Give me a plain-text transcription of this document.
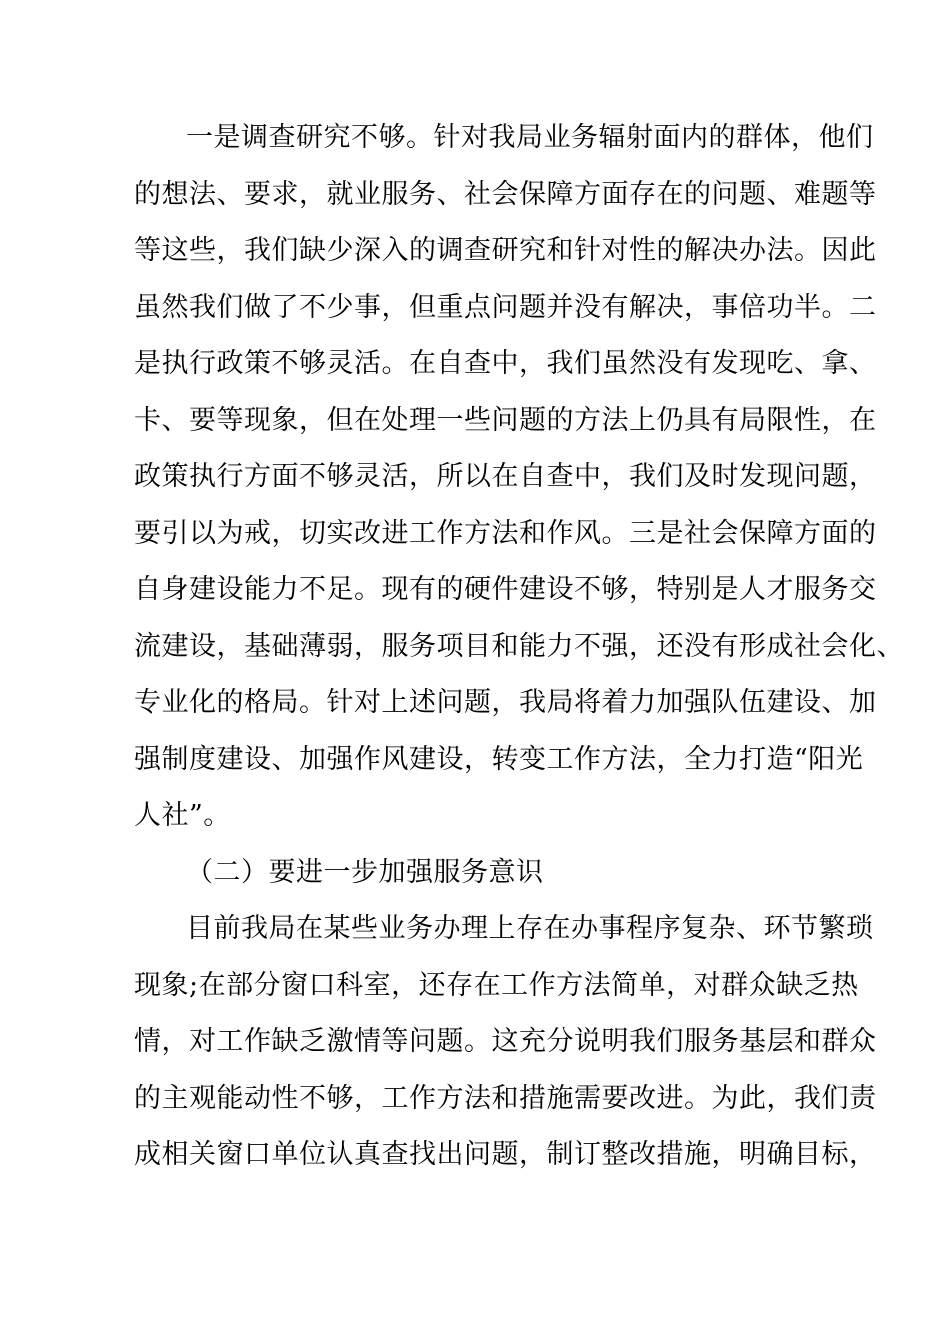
一是调查研究不够。针对我局业务辐射面内的群体，他们
的想法、要求，就业服务、社会保障方面存在的问题、难题等
等这些，我们缺少深入的调查研究和针对性的解决办法。因此
虽然我们做了不少事，但重点问题并没有解决，事倍功半。二
是执行政策不够灵活。在自查中，我们虽然没有发现吃、拿、
卡、要等现象，但在处理一些问题的方法上仍具有局限性，在
政策执行方面不够灵活，所以在自查中，我们及时发现问题，
要引以为戒，切实改进工作方法和作风。三是社会保障方面的
自身建设能力不足。现有的硬件建设不够，特别是人才服务交
流建设，基础薄弱，服务项目和能力不强，还没有形成社会化、
专业化的格局。针对上述问题，我局将着力加强队伍建设、加
强制度建设、加强作风建设，转变工作方法，全力打造“阳光
人社”。
（二）要进一步加强服务意识
目前我局在某些业务办理上存在办事程序复杂、环节繁琐
现象;在部分窗口科室，还存在工作方法简单，对群众缺乏热
情，对工作缺乏激情等问题。这充分说明我们服务基层和群众
的主观能动性不够，工作方法和措施需要改进。为此，我们责
成相关窗口单位认真查找出问题，制订整改措施，明确目标，
